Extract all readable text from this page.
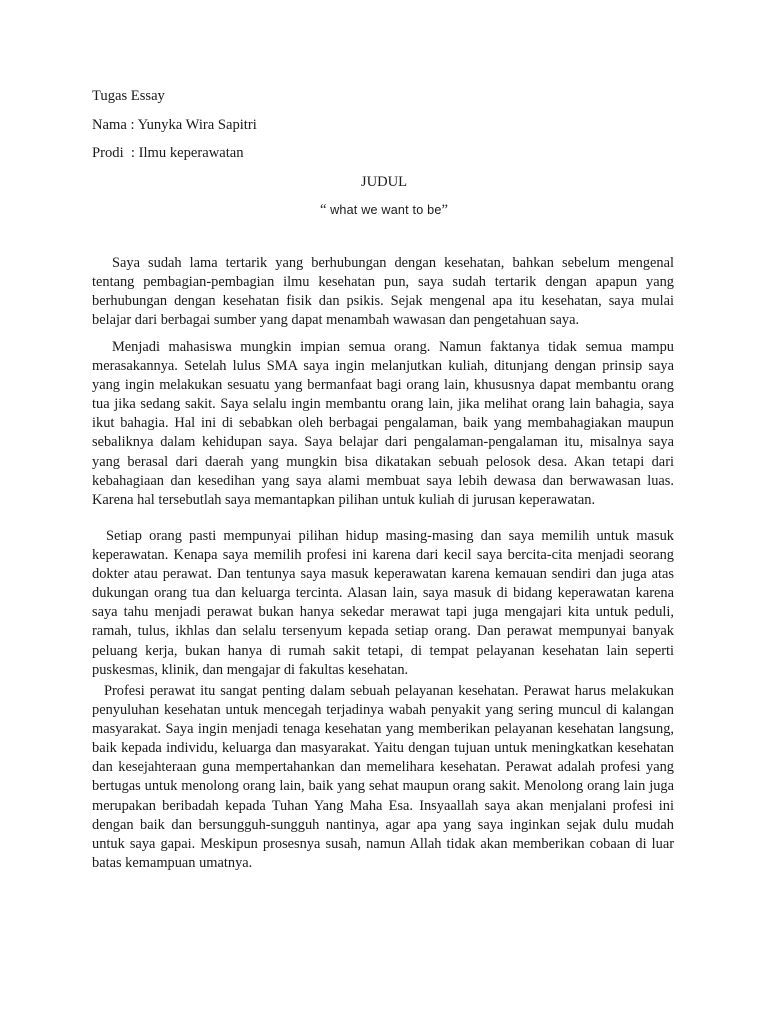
Tugas Essay
Nama : Yunyka Wira Sapitri
Prodi  : Ilmu keperawatan
JUDUL
“ what we want to be”

Saya sudah lama tertarik yang berhubungan dengan kesehatan, bahkan sebelum mengenal tentang pembagian-pembagian ilmu kesehatan pun, saya sudah tertarik dengan apapun yang berhubungan dengan kesehatan fisik dan psikis. Sejak mengenal apa itu kesehatan, saya mulai belajar dari berbagai sumber yang dapat menambah wawasan dan pengetahuan saya.

Menjadi mahasiswa mungkin impian semua orang. Namun faktanya tidak semua mampu merasakannya. Setelah lulus SMA saya ingin melanjutkan kuliah, ditunjang dengan prinsip saya yang ingin melakukan sesuatu yang bermanfaat bagi orang lain, khususnya dapat membantu orang tua jika sedang sakit. Saya selalu ingin membantu orang lain, jika melihat orang lain bahagia, saya ikut bahagia. Hal ini di sebabkan oleh berbagai pengalaman, baik yang membahagiakan maupun sebaliknya dalam kehidupan saya. Saya belajar dari pengalaman-pengalaman itu, misalnya saya yang berasal dari daerah yang mungkin bisa dikatakan sebuah pelosok desa. Akan tetapi dari kebahagiaan dan kesedihan yang saya alami membuat saya lebih dewasa dan berwawasan luas. Karena hal tersebutlah saya memantapkan pilihan untuk kuliah di jurusan keperawatan.

Setiap orang pasti mempunyai pilihan hidup masing-masing dan saya memilih untuk masuk keperawatan. Kenapa saya memilih profesi ini karena dari kecil saya bercita-cita menjadi seorang dokter atau perawat. Dan tentunya saya masuk keperawatan karena kemauan sendiri dan juga atas dukungan orang tua dan keluarga tercinta. Alasan lain, saya masuk di bidang keperawatan karena saya tahu menjadi perawat bukan hanya sekedar merawat tapi juga mengajari kita untuk peduli, ramah, tulus, ikhlas dan selalu tersenyum kepada setiap orang. Dan perawat mempunyai banyak peluang kerja, bukan hanya di rumah sakit tetapi, di tempat pelayanan kesehatan lain seperti puskesmas, klinik, dan mengajar di fakultas kesehatan.

Profesi perawat itu sangat penting dalam sebuah pelayanan kesehatan. Perawat harus melakukan penyuluhan kesehatan untuk mencegah terjadinya wabah penyakit yang sering muncul di kalangan masyarakat. Saya ingin menjadi tenaga kesehatan yang memberikan pelayanan kesehatan langsung, baik kepada individu, keluarga dan masyarakat. Yaitu dengan tujuan untuk meningkatkan kesehatan dan kesejahteraan guna mempertahankan dan memelihara kesehatan. Perawat adalah profesi yang bertugas untuk menolong orang lain, baik yang sehat maupun orang sakit. Menolong orang lain juga merupakan beribadah kepada Tuhan Yang Maha Esa. Insyaallah saya akan menjalani profesi ini dengan baik dan bersungguh-sungguh nantinya, agar apa yang saya inginkan sejak dulu mudah untuk saya gapai. Meskipun prosesnya susah, namun Allah tidak akan memberikan cobaan di luar batas kemampuan umatnya.
